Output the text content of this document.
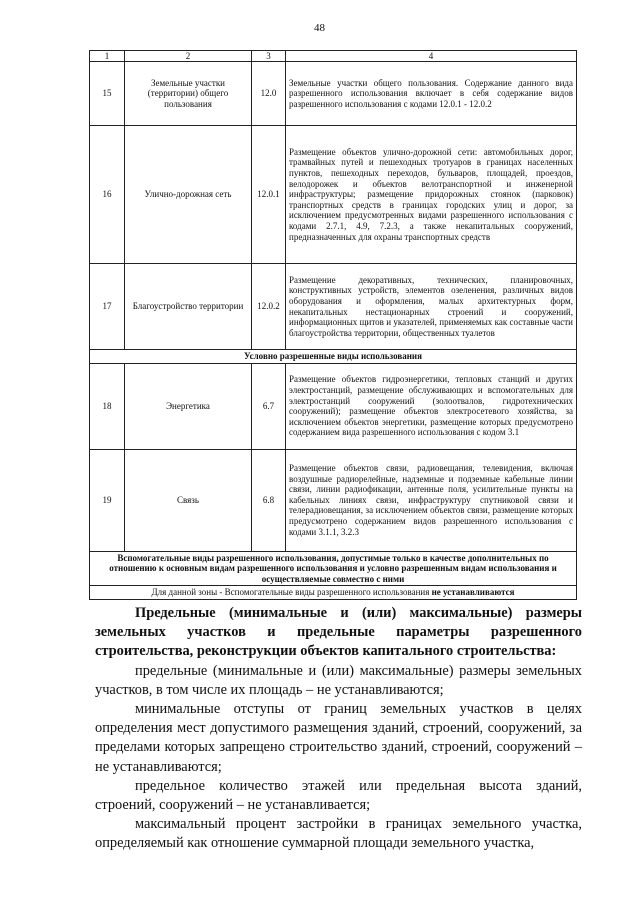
48
1	2	3	4
15	Земельные участки (территории) общего пользования	12.0	Земельные участки общего пользования. Содержание данного вида разрешенного использования включает в себя содержание видов разрешенного использования с кодами 12.0.1 - 12.0.2
16	Улично-дорожная сеть	12.0.1	Размещение объектов улично-дорожной сети: автомобильных дорог, трамвайных путей и пешеходных тротуаров в границах населенных пунктов, пешеходных переходов, бульваров, площадей, проездов, велодорожек и объектов велотранспортной и инженерной инфраструктуры; размещение придорожных стоянок (парковок) транспортных средств в границах городских улиц и дорог, за исключением предусмотренных видами разрешенного использования с кодами 2.7.1, 4.9, 7.2.3, а также некапитальных сооружений, предназначенных для охраны транспортных средств
17	Благоустройство территории	12.0.2	Размещение декоративных, технических, планировочных, конструктивных устройств, элементов озеленения, различных видов оборудования и оформления, малых архитектурных форм, некапитальных нестационарных строений и сооружений, информационных щитов и указателей, применяемых как составные части благоустройства территории, общественных туалетов
Условно разрешенные виды использования			
18	Энергетика	6.7	Размещение объектов гидроэнергетики, тепловых станций и других электростанций, размещение обслуживающих и вспомогательных для электростанций сооружений (золоотвалов, гидротехнических сооружений); размещение объектов электросетевого хозяйства, за исключением объектов энергетики, размещение которых предусмотрено содержанием вида разрешенного использования с кодом 3.1
19	Связь	6.8	Размещение объектов связи, радиовещания, телевидения, включая воздушные радиорелейные, надземные и подземные кабельные линии связи, линии радиофикации, антенные поля, усилительные пункты на кабельных линиях связи, инфраструктуру спутниковой связи и телерадиовещания, за исключением объектов связи, размещение которых предусмотрено содержанием видов разрешенного использования с кодами 3.1.1, 3.2.3
Вспомогательные виды разрешенного использования, допустимые только в качестве дополнительных по отношению к основным видам разрешенного использования и условно разрешенным видам использования и осуществляемые совместно с ними			
Для данной зоны - Вспомогательные виды разрешенного использования не устанавливаются			

Предельные (минимальные и (или) максимальные) размеры земельных участков и предельные параметры разрешенного строительства, реконструкции объектов капитального строительства:

предельные (минимальные и (или) максимальные) размеры земельных участков, в том числе их площадь – не устанавливаются;

минимальные отступы от границ земельных участков в целях определения мест допустимого размещения зданий, строений, сооружений, за пределами которых запрещено строительство зданий, строений, сооружений – не устанавливаются;

предельное количество этажей или предельная высота зданий, строений, сооружений – не устанавливается;

максимальный процент застройки в границах земельного участка, определяемый как отношение суммарной площади земельного участка,
